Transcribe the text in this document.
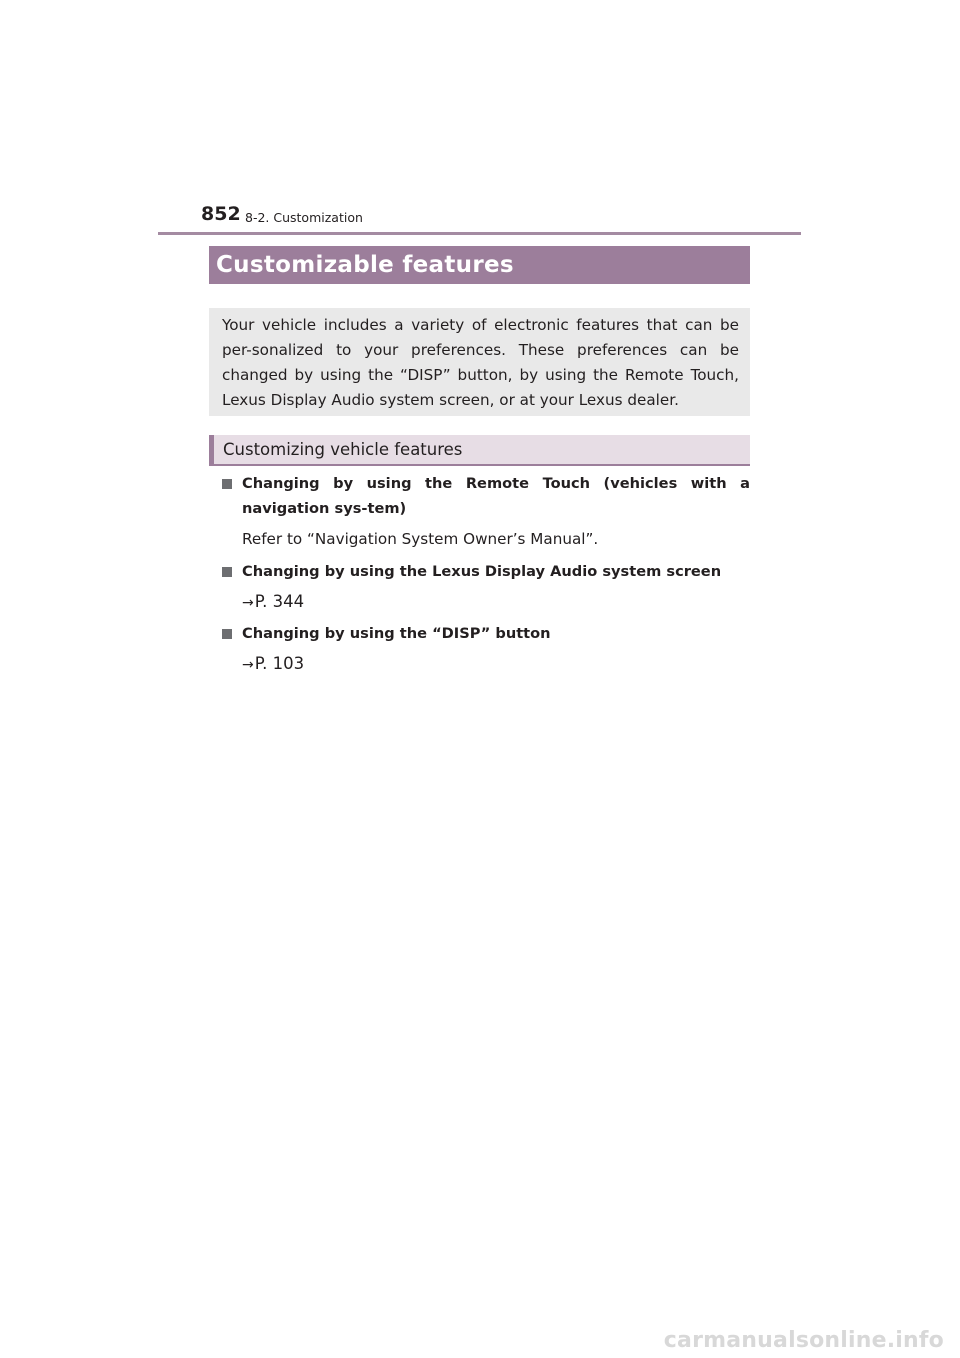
852 8-2. Customization
Customizable features
Your vehicle includes a variety of electronic features that can be per-sonalized to your preferences. These preferences can be changed by using the “DISP” button, by using the Remote Touch, Lexus Display Audio system screen, or at your Lexus dealer.
Customizing vehicle features
Changing by using the Remote Touch (vehicles with a navigation sys-tem)
Refer to “Navigation System Owner’s Manual”.
Changing by using the Lexus Display Audio system screen
→P. 344
Changing by using the “DISP” button
→P. 103
carmanualsonline.info
